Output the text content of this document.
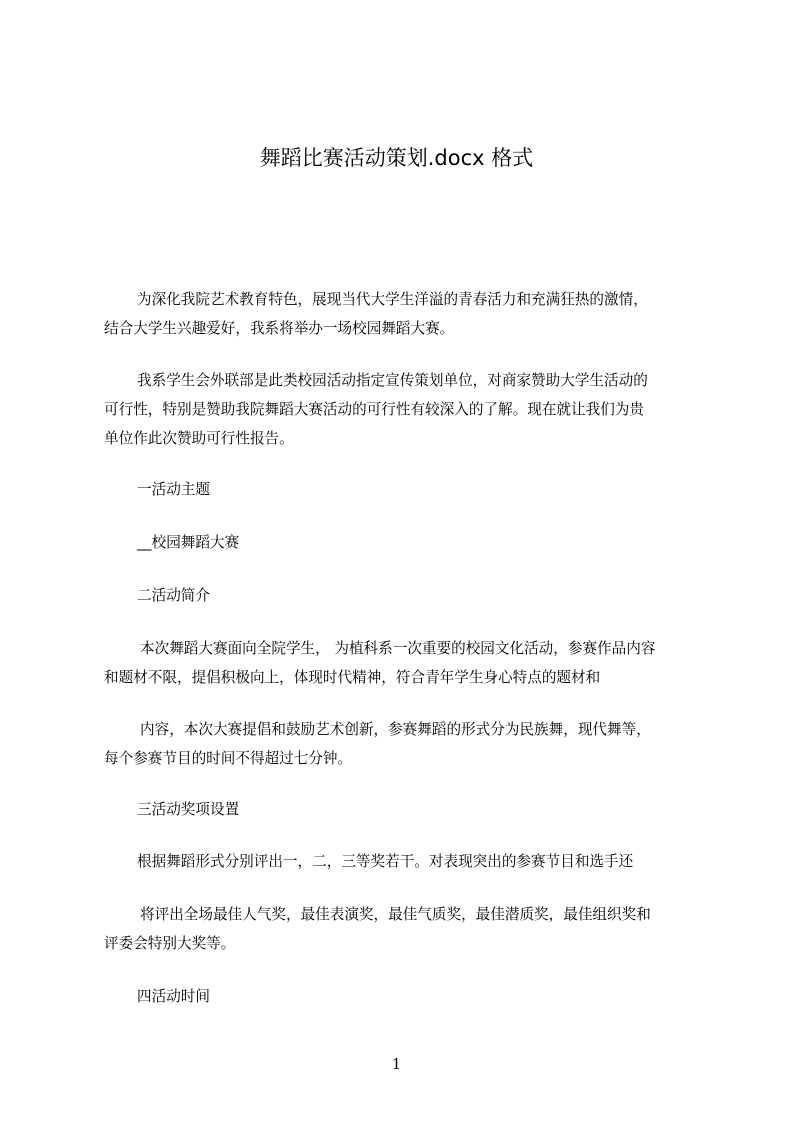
舞蹈比赛活动策划.docx 格式
为深化我院艺术教育特色，展现当代大学生洋溢的青春活力和充满狂热的激情，
结合大学生兴趣爱好，我系将举办一场校园舞蹈大赛。
我系学生会外联部是此类校园活动指定宣传策划单位，对商家赞助大学生活动的
可行性，特别是赞助我院舞蹈大赛活动的可行性有较深入的了解。现在就让我们为贵
单位作此次赞助可行性报告。
一活动主题
__校园舞蹈大赛
二活动简介
本次舞蹈大赛面向全院学生， 为植科系一次重要的校园文化活动，参赛作品内容
和题材不限，提倡积极向上，体现时代精神，符合青年学生身心特点的题材和
内容，本次大赛提倡和鼓励艺术创新，参赛舞蹈的形式分为民族舞，现代舞等，
每个参赛节目的时间不得超过七分钟。
三活动奖项设置
根据舞蹈形式分别评出一，二，三等奖若干。对表现突出的参赛节目和选手还
将评出全场最佳人气奖，最佳表演奖，最佳气质奖，最佳潜质奖，最佳组织奖和
评委会特别大奖等。
四活动时间
1
